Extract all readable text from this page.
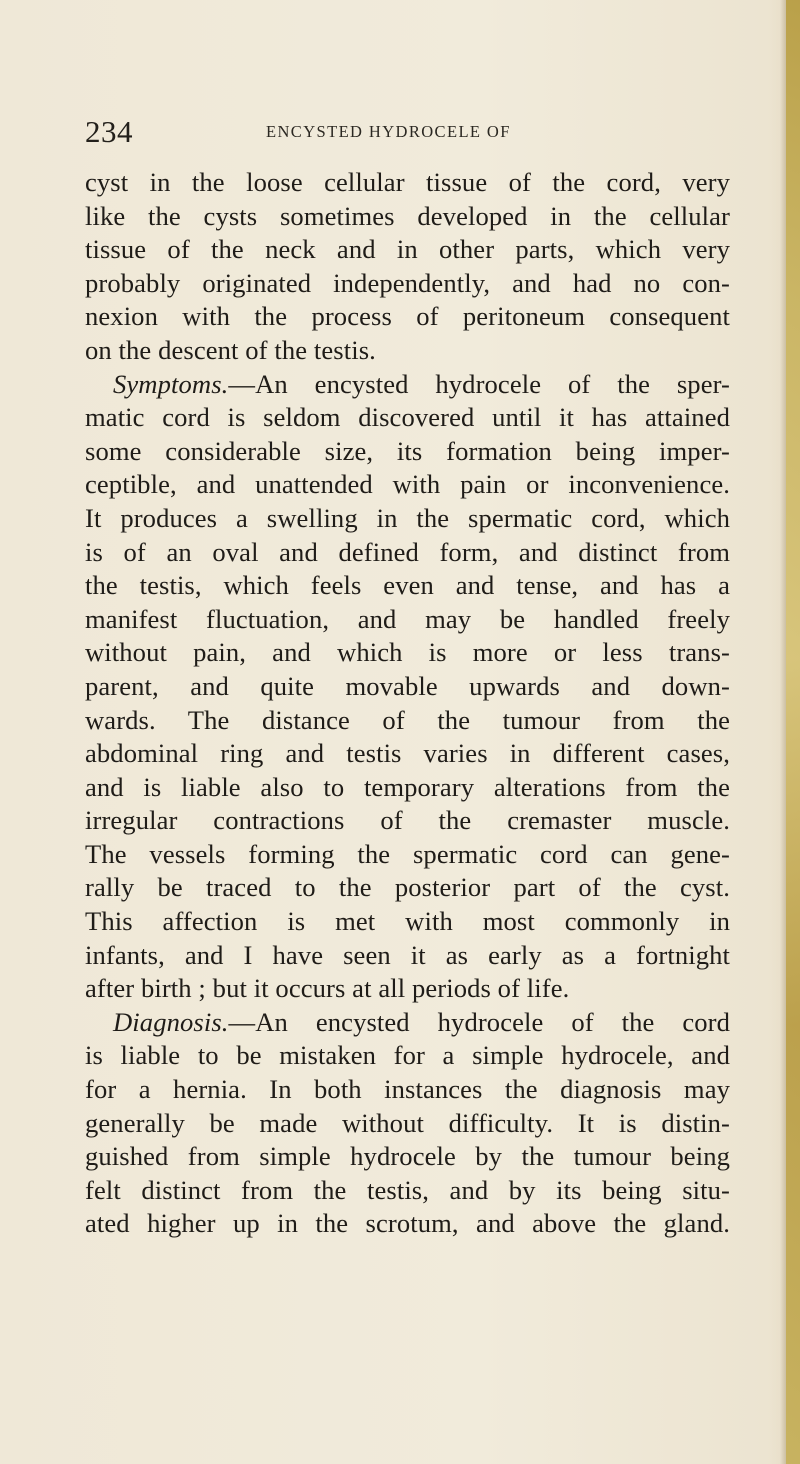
234	ENCYSTED HYDROCELE OF
cyst in the loose cellular tissue of the cord, very
like the cysts sometimes developed in the cellular
tissue of the neck and in other parts, which very
probably originated independently, and had no con-
nexion with the process of peritoneum consequent
on the descent of the testis.
Symptoms.—An encysted hydrocele of the sper-
matic cord is seldom discovered until it has attained
some considerable size, its formation being imper-
ceptible, and unattended with pain or inconvenience.
It produces a swelling in the spermatic cord, which
is of an oval and defined form, and distinct from
the testis, which feels even and tense, and has a
manifest fluctuation, and may be handled freely
without pain, and which is more or less trans-
parent, and quite movable upwards and down-
wards. The distance of the tumour from the
abdominal ring and testis varies in different cases,
and is liable also to temporary alterations from the
irregular contractions of the cremaster muscle.
The vessels forming the spermatic cord can gene-
rally be traced to the posterior part of the cyst.
This affection is met with most commonly in
infants, and I have seen it as early as a fortnight
after birth ; but it occurs at all periods of life.
Diagnosis.—An encysted hydrocele of the cord
is liable to be mistaken for a simple hydrocele, and
for a hernia. In both instances the diagnosis may
generally be made without difficulty. It is distin-
guished from simple hydrocele by the tumour being
felt distinct from the testis, and by its being situ-
ated higher up in the scrotum, and above the gland.
